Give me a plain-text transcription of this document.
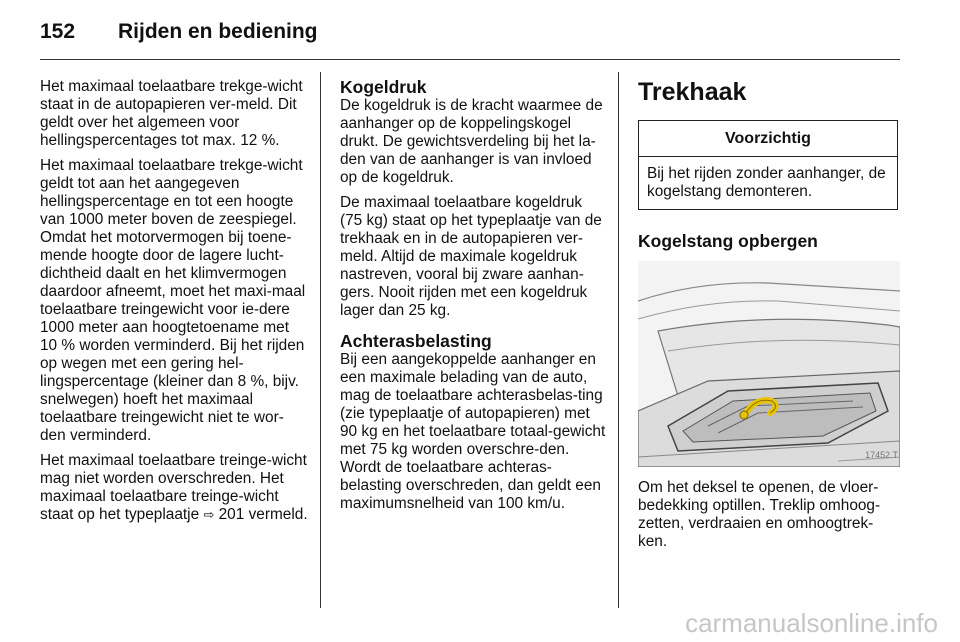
152 Rijden en bediening

Het maximaal toelaatbare trekge-wicht staat in de autopapieren ver-meld. Dit geldt over het algemeen voor hellingspercentages tot max. 12 %.

Het maximaal toelaatbare trekge-wicht geldt tot aan het aangegeven hellingspercentage en tot een hoogte van 1000 meter boven de zeespiegel. Omdat het motorvermogen bij toene-mende hoogte door de lagere lucht-dichtheid daalt en het klimvermogen daardoor afneemt, moet het maxi-maal toelaatbare treingewicht voor ie-dere 1000 meter aan hoogtetoename met 10 % worden verminderd. Bij het rijden op wegen met een gering hel-lingspercentage (kleiner dan 8 %, bijv. snelwegen) hoeft het maximaal toelaatbare treingewicht niet te wor-den verminderd.

Het maximaal toelaatbare treinge-wicht mag niet worden overschreden. Het maximaal toelaatbare treinge-wicht staat op het typeplaatje ⇨ 201 vermeld.

Kogeldruk

De kogeldruk is de kracht waarmee de aanhanger op de koppelingskogel drukt. De gewichtsverdeling bij het la-den van de aanhanger is van invloed op de kogeldruk.

De maximaal toelaatbare kogeldruk (75 kg) staat op het typeplaatje van de trekhaak en in de autopapieren ver-meld. Altijd de maximale kogeldruk nastreven, vooral bij zware aanhan-gers. Nooit rijden met een kogeldruk lager dan 25 kg.

Achterasbelasting

Bij een aangekoppelde aanhanger en een maximale belading van de auto, mag de toelaatbare achterasbelas-ting (zie typeplaatje of autopapieren) met 90 kg en het toelaatbare totaal-gewicht met 75 kg worden overschre-den. Wordt de toelaatbare achteras-belasting overschreden, dan geldt een maximumsnelheid van 100 km/u.

Trekhaak
Voorzichtig
Bij het rijden zonder aanhanger, de kogelstang demonteren.
Kogelstang opbergen
17452 T

Om het deksel te openen, de vloer-bedekking optillen. Treklip omhoog-zetten, verdraaien en omhoogtrek-ken.

carmanualsonline.info
